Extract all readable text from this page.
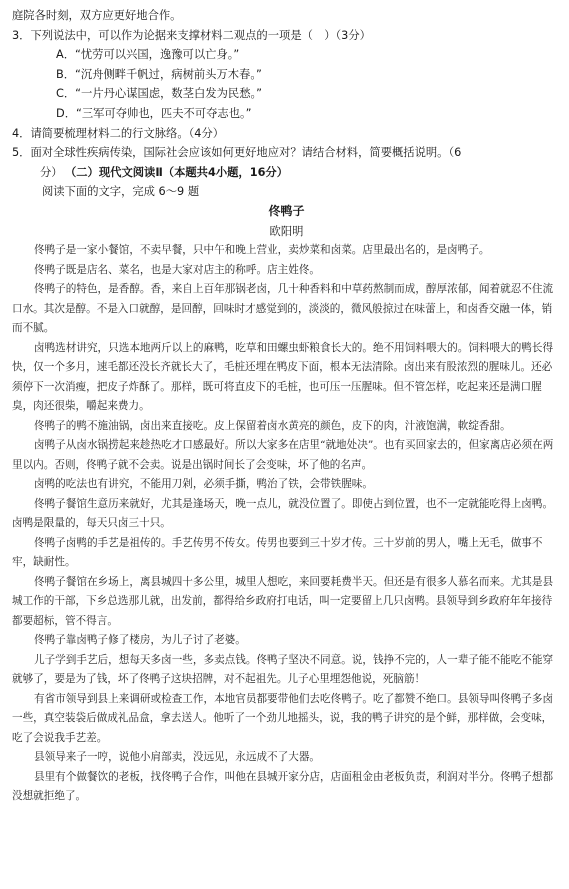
庭院各时刻，双方应更好地合作。
3．下列说法中，可以作为论据来支撑材料二观点的一项是（　）（3分）
A．“忧劳可以兴国，逸豫可以亡身。”
B．“沉舟侧畔千帆过，病树前头万木春。”
C．“一片丹心谋国虑，数茎白发为民愁。”
D．“三军可夺帅也，匹夫不可夺志也。”
4．请简要梳理材料二的行文脉络。（4分）
5．面对全球性疾病传染，国际社会应该如何更好地应对？请结合材料，简要概括说明。（6
分） （二）现代文阅读Ⅱ（本题共4小题，16分）
阅读下面的文字，完成 6～9 题
佟鸭子
欧阳明

佟鸭子是一家小餐馆，不卖早餐，只中午和晚上营业，卖炒菜和卤菜。店里最出名的，是卤鸭子。

佟鸭子既是店名、菜名，也是大家对店主的称呼。店主姓佟。

佟鸭子的特色，是香醇。香，来自上百年那锅老卤，几十种香料和中草药熬制而成，醇厚浓郁，闻着就忍不住流口水。其次是醇。不是入口就醇，是回醇，回味时才感觉到的，淡淡的，微风般掠过在味蕾上，和卤香交融一体，销而不腻。

卤鸭选材讲究，只选本地两斤以上的麻鸭，吃草和田螺虫虾粮食长大的。绝不用饲料喂大的。饲料喂大的鸭长得快，仅一个多月，速毛都还没长齐就长大了，毛桩还埋在鸭皮下面，根本无法清除。卤出来有股浓烈的腥味儿。还必须停下一次消瘦，把皮子炸酥了。那样，既可将直皮下的毛桩，也可压一压腥味。但不管怎样，吃起来还是满口腥臭，肉还很柴，嚼起来费力。

佟鸭子的鸭不施油锅，卤出来直接吃。皮上保留着卤水黄亮的颜色，皮下的肉，汁液饱满，軟绽香甜。

卤鸭子从卤水锅捞起来趁热吃才口感最好。所以大家多在店里“就地处决”。也有买回家去的，但家离店必须在两里以内。否则，佟鸭子就不会卖。说是出锅时间长了会变味，坏了他的名声。

卤鸭的吃法也有讲究，不能用刀剁，必须手撕，鸭治了铁，会带铁腥味。

佟鸭子餐馆生意历来就好，尤其是逢场天，晚一点儿，就没位置了。即使占到位置，也不一定就能吃得上卤鸭。卤鸭是限量的，每天只卤三十只。

佟鸭子卤鸭的手艺是祖传的。手艺传男不传女。传男也要到三十岁才传。三十岁前的男人，嘴上无毛，做事不牢，缺耐性。

佟鸭子餐馆在乡场上，离县城四十多公里，城里人想吃，来回要耗费半天。但还是有很多人慕名而来。尤其是县城工作的干部，下乡总选那儿就，出发前，都得给乡政府打电话，叫一定要留上几只卤鸭。县领导到乡政府年年接待都要超标，管不得言。

佟鸭子靠卤鸭子修了楼房，为儿子讨了老婆。

儿子学到手艺后，想每天多卤一些，多卖点钱。佟鸭子坚决不同意。说，钱挣不完的，人一辈子能不能吃不能穿就够了，要是为了钱，坏了佟鸭子这块招牌，对不起祖先。儿子心里埋怨他说，死脑筋！

有省市领导到县上来调研或检查工作，本地官员都要带他们去吃佟鸭子。吃了都赞不绝口。县领导叫佟鸭子多卤一些，真空装袋后做成礼品盒，拿去送人。他听了一个劲儿地摇头，说，我的鸭子讲究的是个鲜，那样做，会变味，吃了会说我手艺差。

县领导来子一哼，说他小肩部卖，没远见，永远成不了大器。

县里有个做餐饮的老板，找佟鸭子合作，叫他在县城开家分店，店面租金由老板负责，利润对半分。佟鸭子想都没想就拒绝了。
